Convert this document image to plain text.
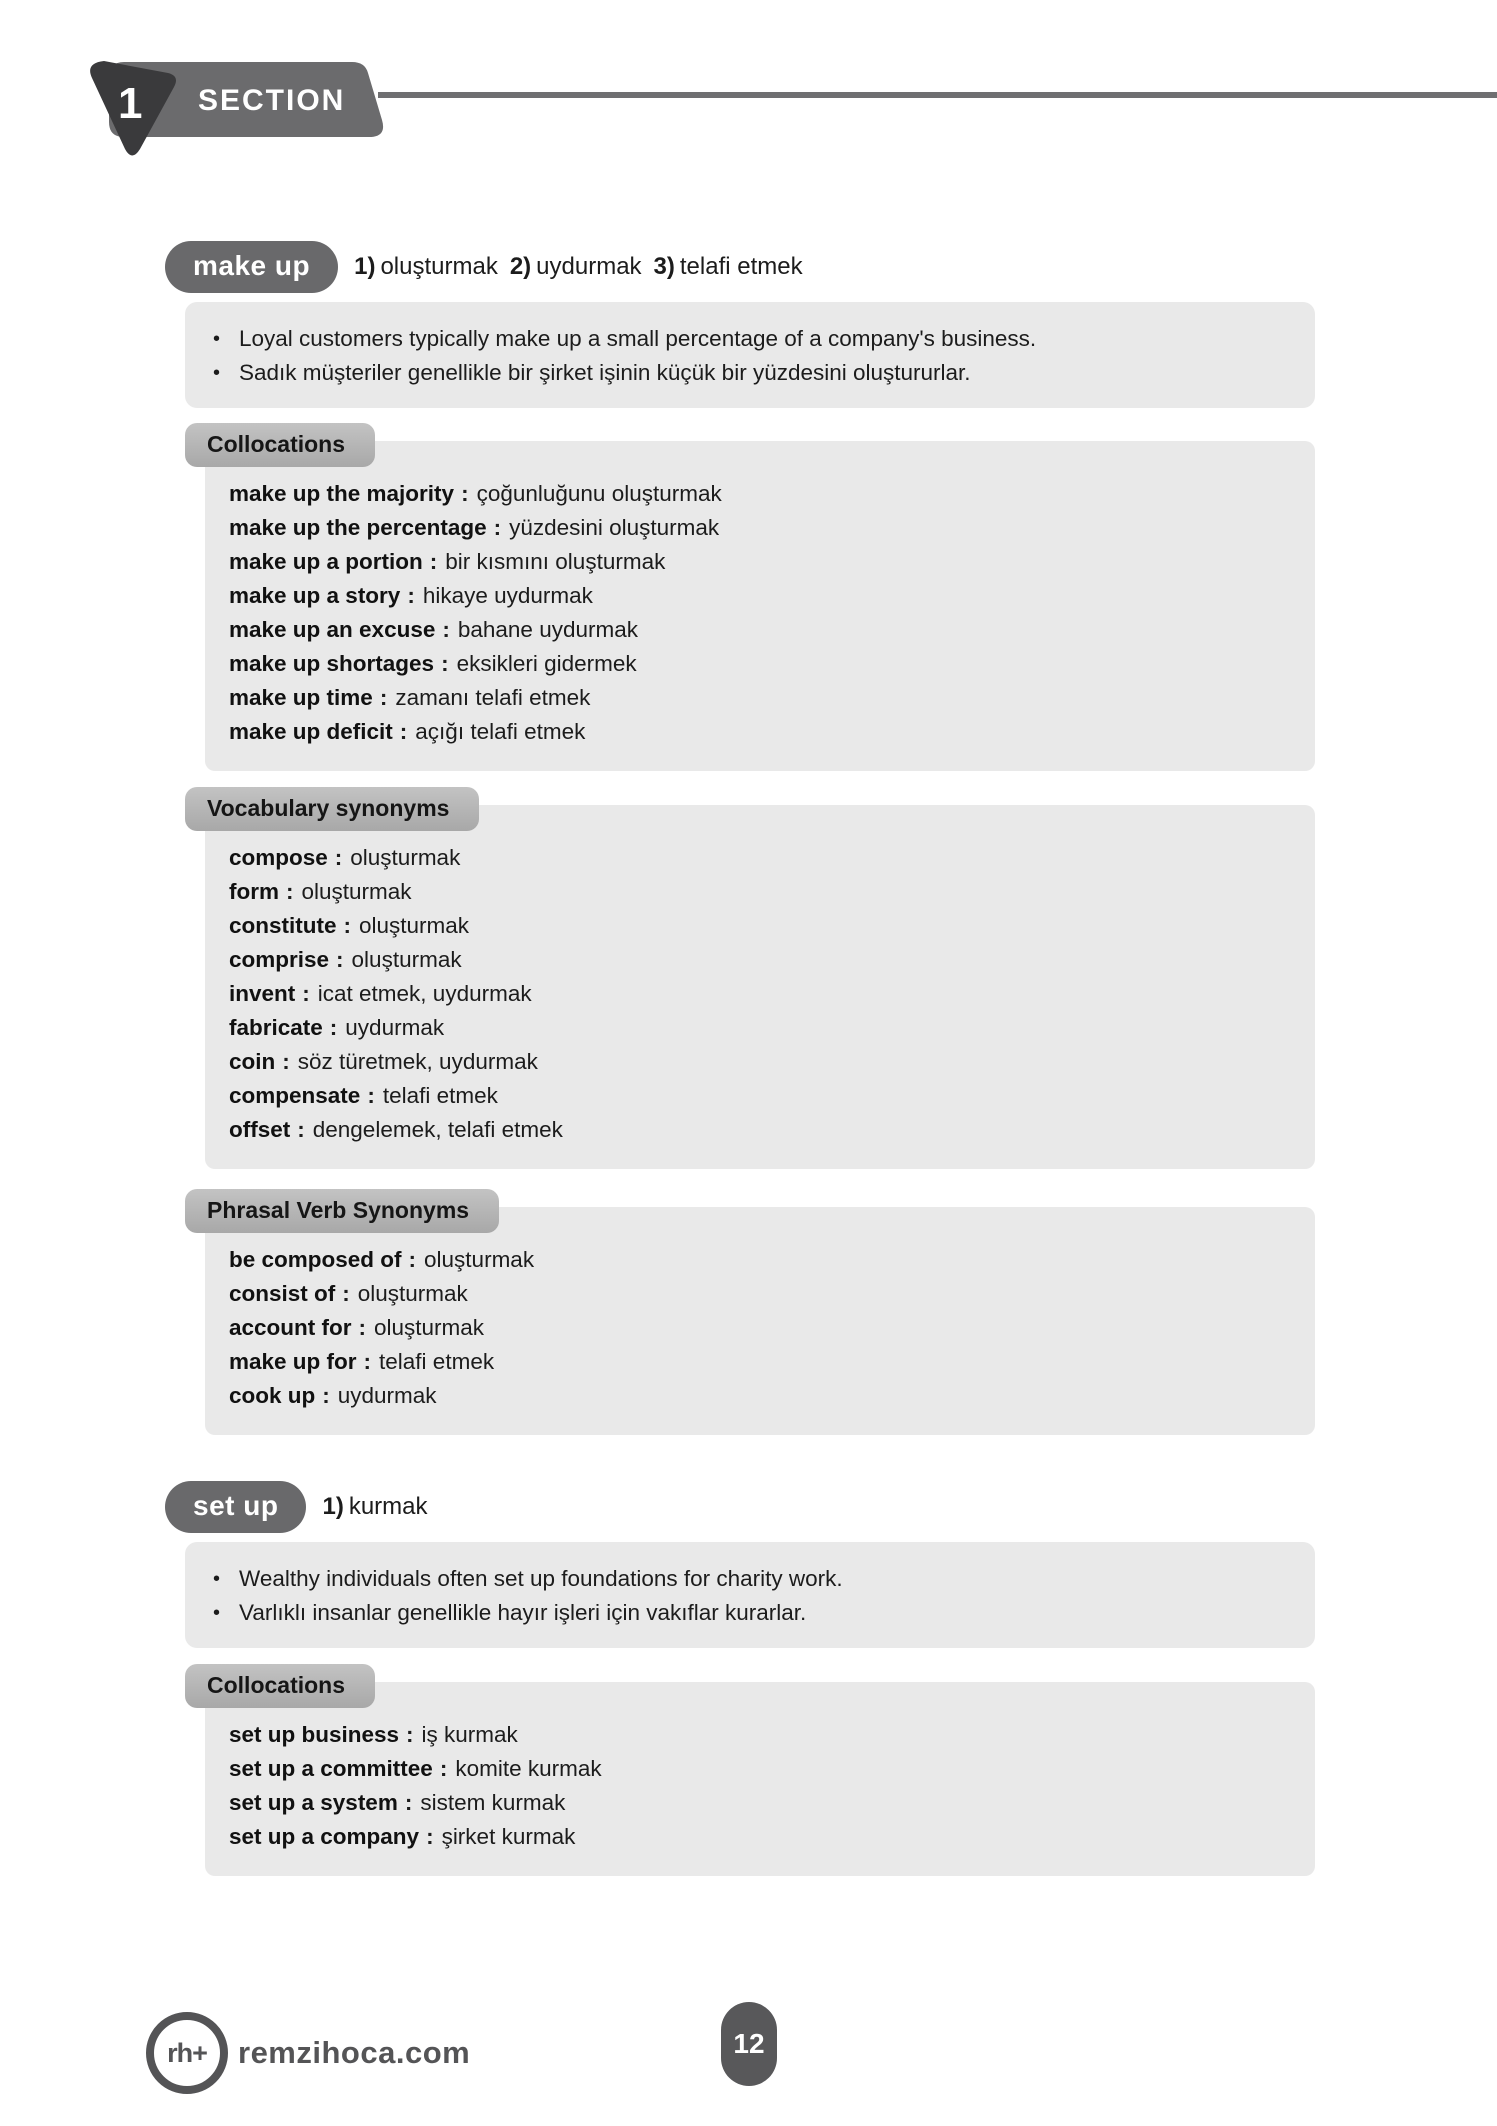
SECTION
1
make up	1) oluşturmak 2) uydurmak 3) telafi etmek
• Loyal customers typically make up a small percentage of a company's business.
• Sadık müşteriler genellikle bir şirket işinin küçük bir yüzdesini oluştururlar.
Collocations
make up the majority : çoğunluğunu oluşturmak
make up the percentage : yüzdesini oluşturmak
make up a portion : bir kısmını oluşturmak
make up a story : hikaye uydurmak
make up an excuse : bahane uydurmak
make up shortages : eksikleri gidermek
make up time : zamanı telafi etmek
make up deficit : açığı telafi etmek
Vocabulary synonyms
compose : oluşturmak
form : oluşturmak
constitute : oluşturmak
comprise : oluşturmak
invent : icat etmek, uydurmak
fabricate : uydurmak
coin : söz türetmek, uydurmak
compensate : telafi etmek
offset : dengelemek, telafi etmek
Phrasal Verb Synonyms
be composed of : oluşturmak
consist of : oluşturmak
account for : oluşturmak
make up for : telafi etmek
cook up : uydurmak
set up	1) kurmak
• Wealthy individuals often set up foundations for charity work.
• Varlıklı insanlar genellikle hayır işleri için vakıflar kurarlar.
Collocations
set up business : iş kurmak
set up a committee : komite kurmak
set up a system : sistem kurmak
set up a company : şirket kurmak
rh+ remzihoca.com	12
